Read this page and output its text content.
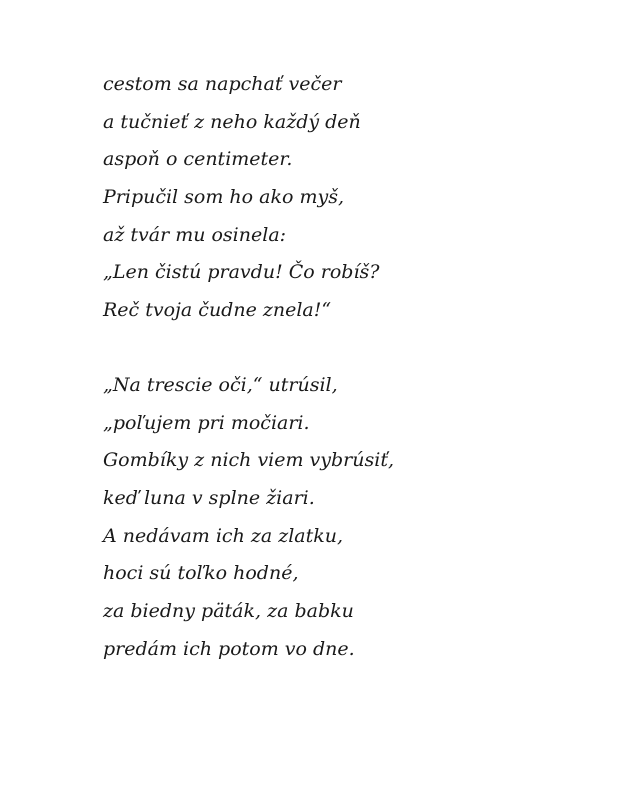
cestom sa napchať večer
a tučnieť z neho každý deň
aspoň o centimeter.
Pripučil som ho ako myš,
až tvár mu osinela:
„Len čistú pravdu! Čo robíš?
Reč tvoja čudne znela!“
„Na trescie oči,“ utrúsil,
„poľujem pri močiari.
Gombíky z nich viem vybrúsiť,
keď luna v splne žiari.
A nedávam ich za zlatku,
hoci sú toľko hodné,
za biedny päták, za babku
predám ich potom vo dne.
